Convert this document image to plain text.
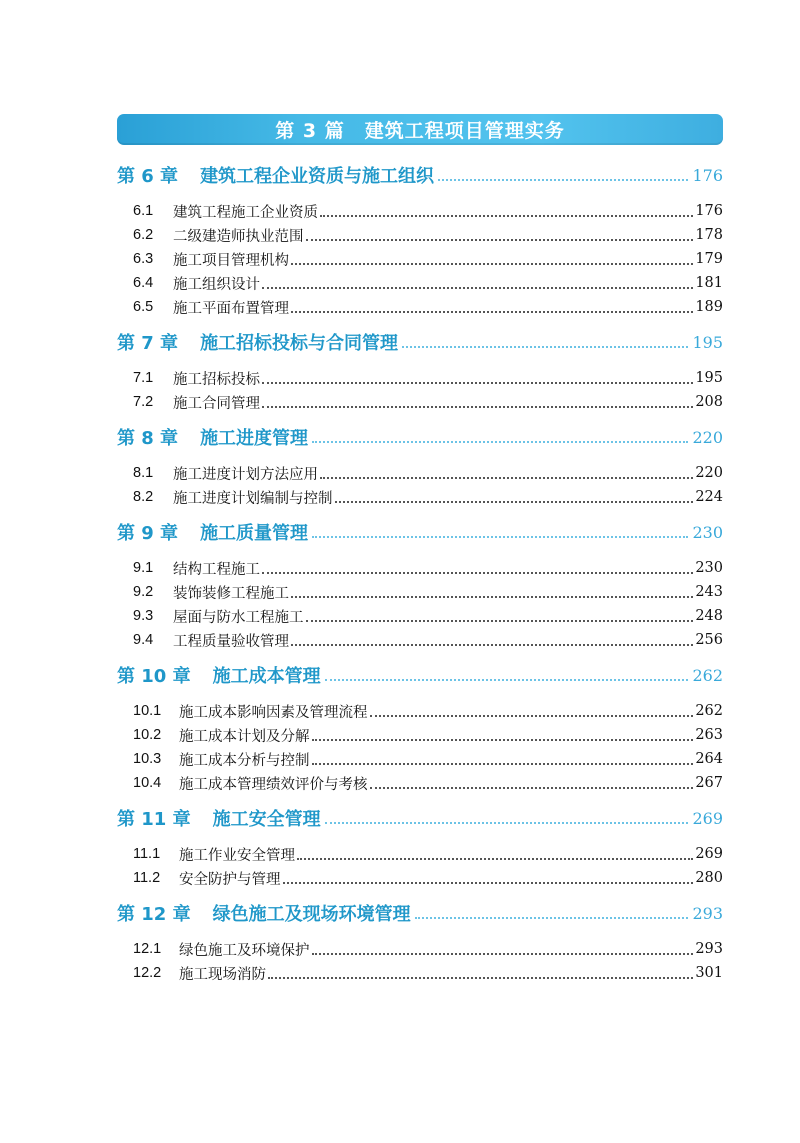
第 3 篇　建筑工程项目管理实务
第 6 章 建筑工程企业资质与施工组织	176
6.1	建筑工程施工企业资质	176
6.2	二级建造师执业范围	178
6.3	施工项目管理机构	179
6.4	施工组织设计	181
6.5	施工平面布置管理	189
第 7 章 施工招标投标与合同管理	195
7.1	施工招标投标	195
7.2	施工合同管理	208
第 8 章 施工进度管理	220
8.1	施工进度计划方法应用	220
8.2	施工进度计划编制与控制	224
第 9 章 施工质量管理	230
9.1	结构工程施工	230
9.2	装饰装修工程施工	243
9.3	屋面与防水工程施工	248
9.4	工程质量验收管理	256
第 10 章 施工成本管理	262
10.1	施工成本影响因素及管理流程	262
10.2	施工成本计划及分解	263
10.3	施工成本分析与控制	264
10.4	施工成本管理绩效评价与考核	267
第 11 章 施工安全管理	269
11.1	施工作业安全管理	269
11.2	安全防护与管理	280
第 12 章 绿色施工及现场环境管理	293
12.1	绿色施工及环境保护	293
12.2	施工现场消防	301
